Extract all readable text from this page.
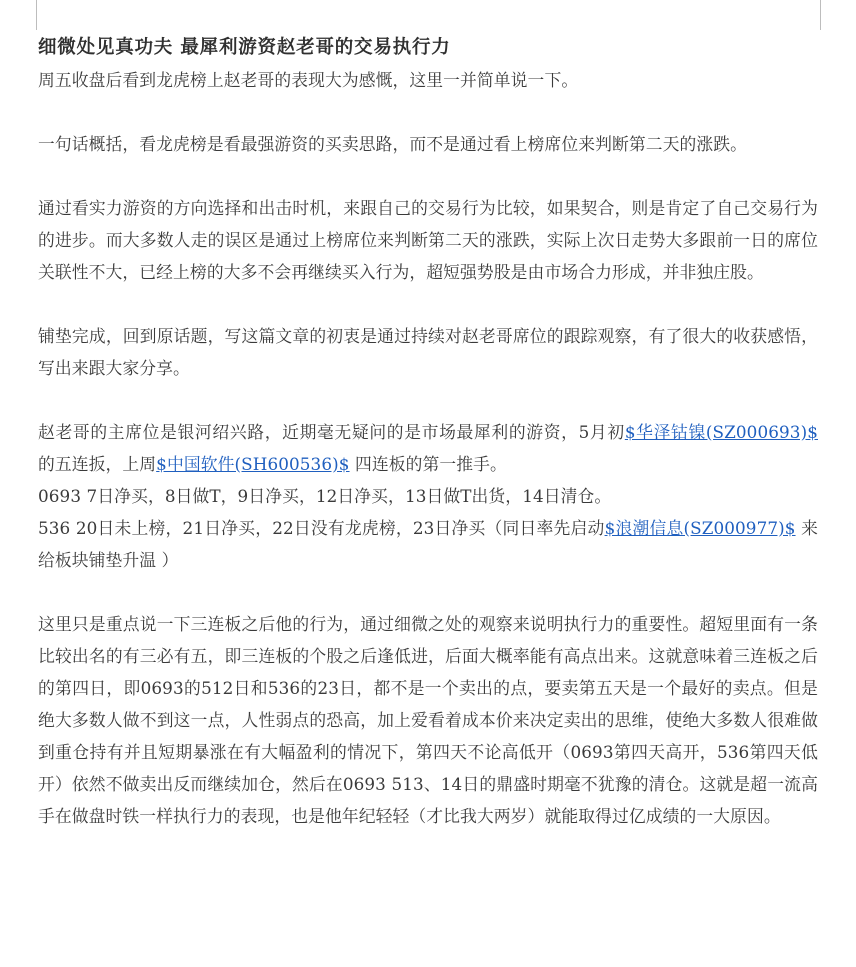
细微处见真功夫 最犀利游资赵老哥的交易执行力

周五收盘后看到龙虎榜上赵老哥的表现大为感慨，这里一并简单说一下。

一句话概括，看龙虎榜是看最强游资的买卖思路，而不是通过看上榜席位来判断第二天的涨跌。

通过看实力游资的方向选择和出击时机，来跟自己的交易行为比较，如果契合，则是肯定了自己交易行为的进步。而大多数人走的误区是通过上榜席位来判断第二天的涨跌，实际上次日走势大多跟前一日的席位关联性不大，已经上榜的大多不会再继续买入行为，超短强势股是由市场合力形成，并非独庄股。

铺垫完成，回到原话题，写这篇文章的初衷是通过持续对赵老哥席位的跟踪观察，有了很大的收获感悟，写出来跟大家分享。

赵老哥的主席位是银河绍兴路，近期毫无疑问的是市场最犀利的游资，5月初$华泽钴镍(SZ000693)$ 的五连扳，上周$中国软件(SH600536)$ 四连板的第一推手。

0693 7日净买，8日做T，9日净买，12日净买，13日做T出货，14日清仓。

536 20日未上榜，21日净买，22日没有龙虎榜，23日净买（同日率先启动$浪潮信息(SZ000977)$ 来给板块铺垫升温 ）

这里只是重点说一下三连板之后他的行为，通过细微之处的观察来说明执行力的重要性。超短里面有一条比较出名的有三必有五，即三连板的个股之后逢低进，后面大概率能有高点出来。这就意味着三连板之后的第四日，即0693的512日和536的23日，都不是一个卖出的点，要卖第五天是一个最好的卖点。但是绝大多数人做不到这一点，人性弱点的恐高，加上爱看着成本价来决定卖出的思维，使绝大多数人很难做到重仓持有并且短期暴涨在有大幅盈利的情况下，第四天不论高低开（0693第四天高开，536第四天低开）依然不做卖出反而继续加仓，然后在0693 513、14日的鼎盛时期毫不犹豫的清仓。这就是超一流高手在做盘时铁一样执行力的表现，也是他年纪轻轻（才比我大两岁）就能取得过亿成绩的一大原因。
